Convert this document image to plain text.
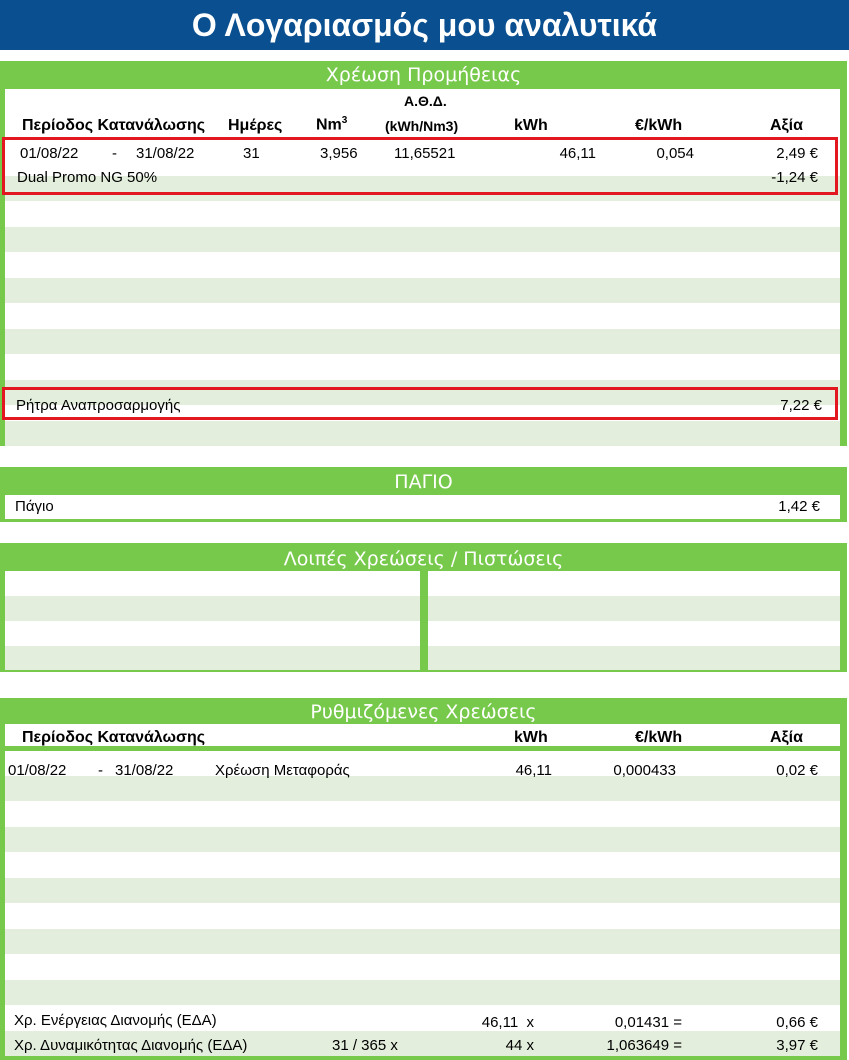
Ο Λογαριασμός μου αναλυτικά
Χρέωση Προμήθειας
Περίοδος Κατανάλωσης Ημέρες Nm$^3$
Α.Θ.Δ.
(kWh/Nm3)	kWh	€/kWh	Αξία
01/08/22 - 31/08/22	31	3,956 11,65521	46,11	0,054	2,49 €
Dual Promo NG 50%	-1,24 €
Ρήτρα Αναπροσαρμογής	7,22 €
ΠΑΓΙΟ
Πάγιο	1,42 €
Λοιπές Χρεώσεις / Πιστώσεις
Ρυθμιζόμενες Χρεώσεις
Περίοδος Κατανάλωσης	kWh	€/kWh	Αξία
01/08/22 - 31/08/22	Χρέωση Μεταφοράς	46,11	0,000433	0,02 €
Χρ. Ενέργειας Διανομής (ΕΔΑ)	46,11  x	0,01431 =	0,66 €
Χρ. Δυναμικότητας Διανομής (ΕΔΑ)	31 / 365 x	44 x	1,063649 =	3,97 €
